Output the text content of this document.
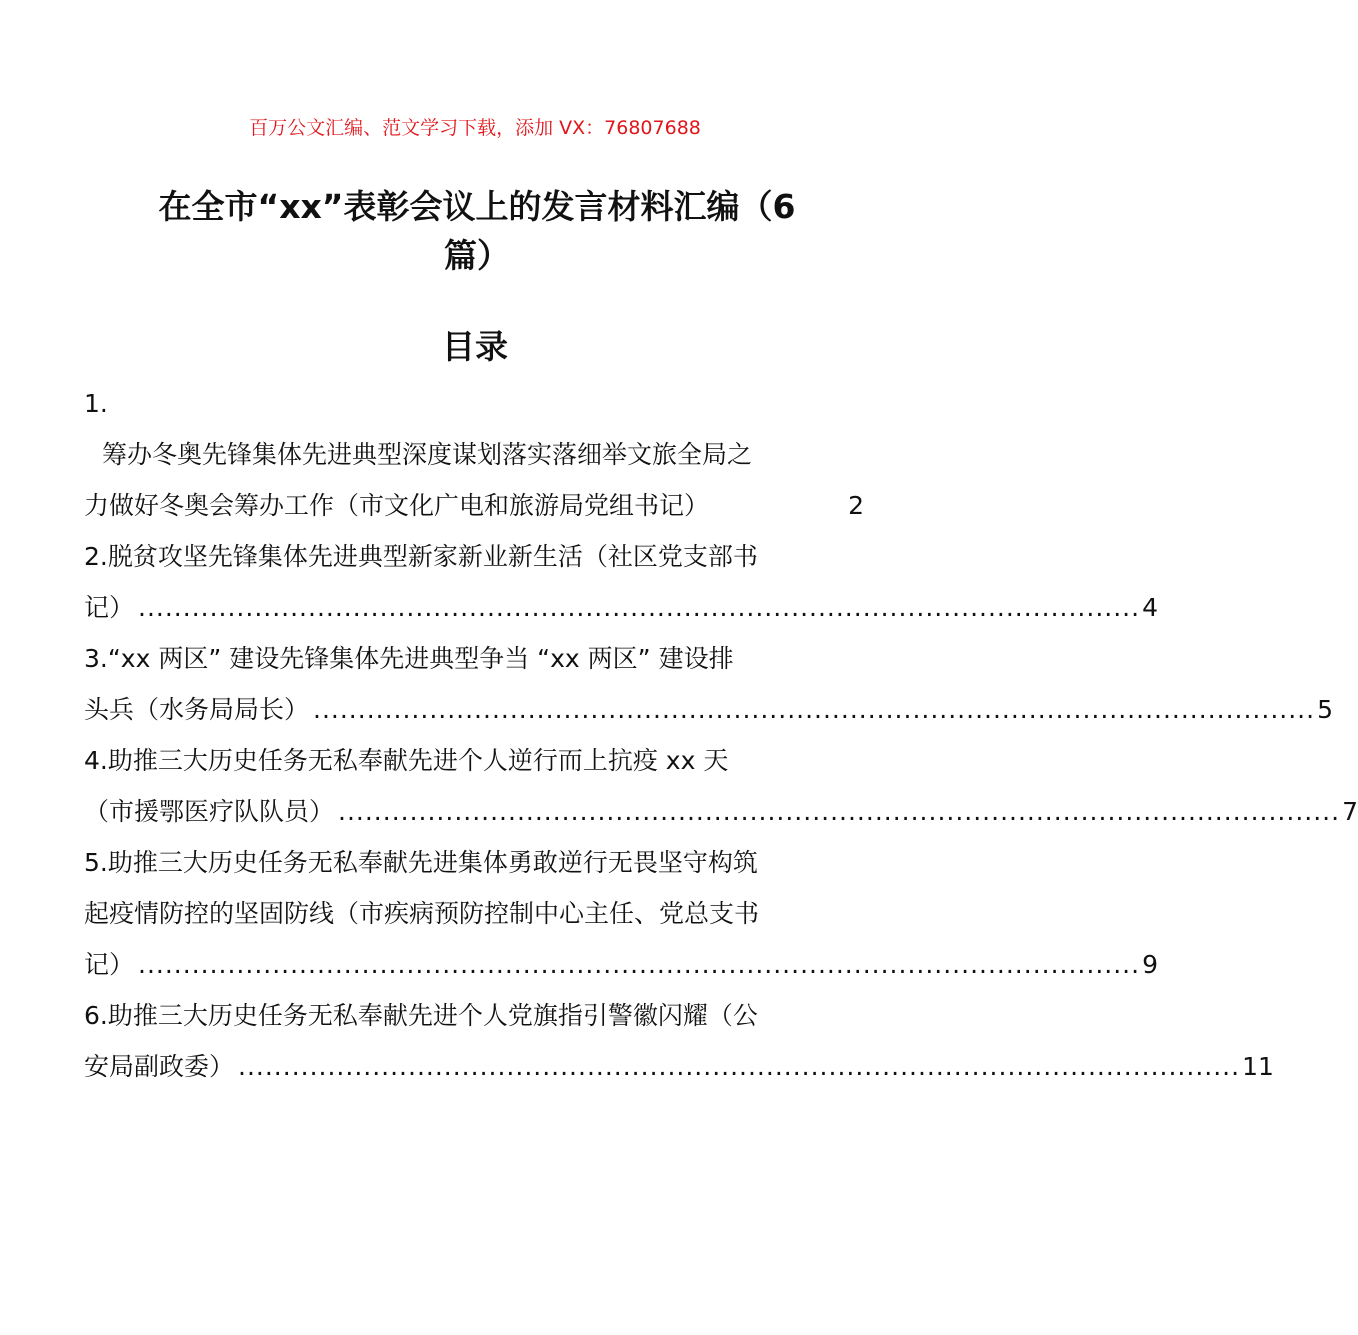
百万公文汇编、范文学习下载，添加 VX：76807688
在全市“xx”表彰会议上的发言材料汇编（6
篇）
目录
1.
筹办冬奥先锋集体先进典型深度谋划落实落细举文旅全局之
力做好冬奥会筹办工作（市文化广电和旅游局党组书记）	2
2.脱贫攻坚先锋集体先进典型新家新业新生活（社区党支部书
记） ................................................................................................................ 4
3.“xx 两区” 建设先锋集体先进典型争当 “xx 两区” 建设排
头兵（水务局局长） ................................................................................................................ 5
4.助推三大历史任务无私奉献先进个人逆行而上抗疫 xx 天
（市援鄂医疗队队员） ................................................................................................................ 7
5.助推三大历史任务无私奉献先进集体勇敢逆行无畏坚守构筑
起疫情防控的坚固防线（市疾病预防控制中心主任、党总支书
记） ................................................................................................................ 9
6.助推三大历史任务无私奉献先进个人党旗指引警徽闪耀（公
安局副政委） ................................................................................................................ 11
